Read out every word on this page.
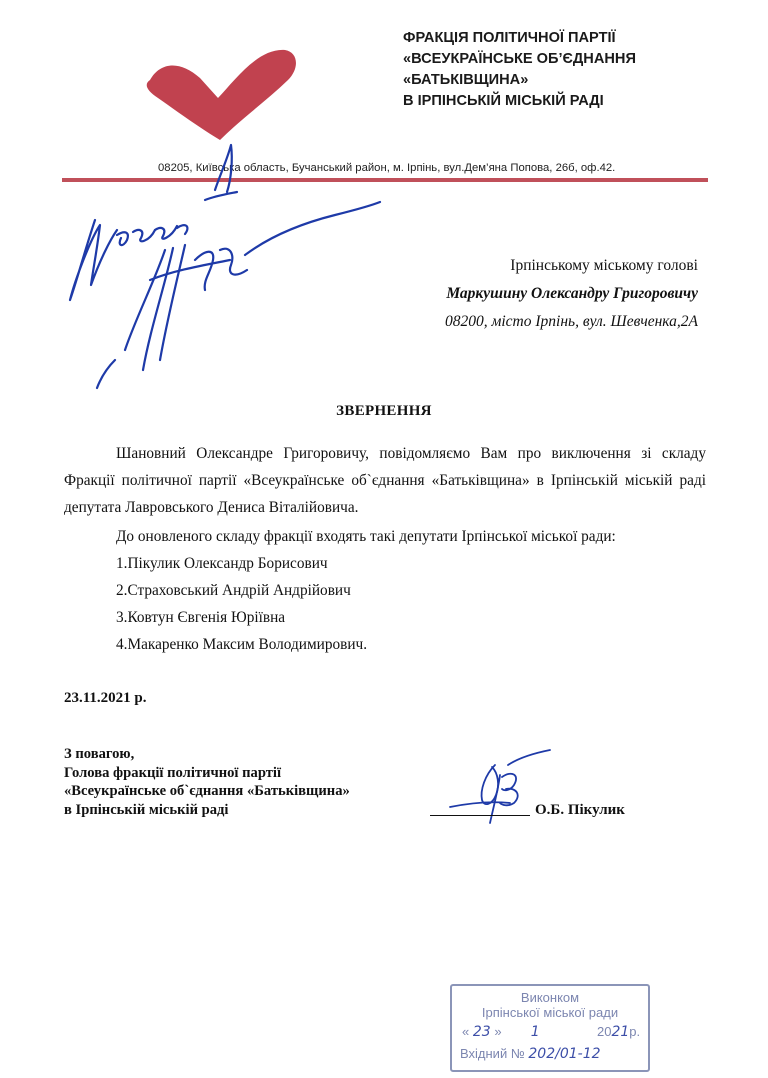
ФРАКЦІЯ ПОЛІТИЧНОЇ ПАРТІЇ
«ВСЕУКРАЇНСЬКЕ ОБ’ЄДНАННЯ
«БАТЬКІВЩИНА»
В ІРПІНСЬКІЙ МІСЬКІЙ РАДІ
08205, Київська область, Бучанський район, м. Ірпінь, вул.Дем’яна Попова, 26б, оф.42.
Ірпінському міському голові
Маркушину Олександру Григоровичу
08200, місто Ірпінь, вул. Шевченка,2А
ЗВЕРНЕННЯ

Шановний Олександре Григоровичу, повідомляємо Вам про виключення зі складу Фракції політичної партії «Всеукраїнське об`єднання «Батьківщина» в Ірпінській міській раді депутата Лавровського Дениса Віталійовича.

До оновленого складу фракції входять такі депутати Ірпінської міської ради:

1.Пікулик Олександр Борисович
2.Страховський Андрій Андрійович
3.Ковтун Євгенія Юріївна
4.Макаренко Максим Володимирович.
23.11.2021 р.
З повагою,
Голова фракції політичної партії
«Всеукраїнське об`єднання «Батьківщина»
в Ірпінській міській раді	О.Б. Пікулик
Виконком
Ірпінської міської ради
« 23 » 1	2021р.
Вхідний № 202/01-12
